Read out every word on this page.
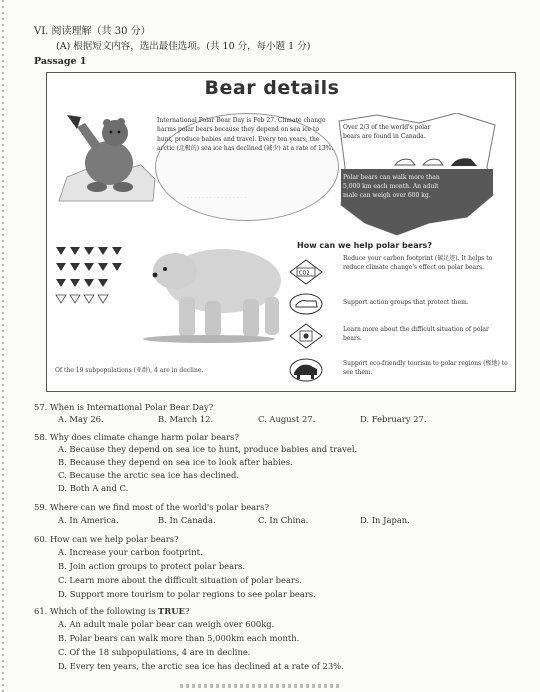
VI. 阅读理解（共 30 分）
(A) 根据短文内容，选出最佳选项。(共 10 分，每小题 1 分)
Passage 1
Bear details
International Polar Bear Day is Feb 27. Climate change harms polar bears because they depend on sea ice to hunt, produce babies and travel. Every ten years, the arctic (北极的) sea ice has declined (减少) at a rate of 13%.
· · · · · · · · · · · · · · · ·
Over 2/3 of the world's polar bears are found in Canada.
Polar bears can walk more than 5,000 km each month. An adult male can weigh over 600 kg.
How can we help polar bears?
CO2
Reduce your carbon footprint (碳足迹). It helps to reduce climate change's effect on polar bears.
Support action groups that protect them.
Learn more about the difficult situation of polar bears.
Support eco-friendly tourism to polar regions (极地) to see them.
Of the 19 subpopulations (亚群), 4 are in decline.
57. When is International Polar Bear Day?
A. May 26.	B. March 12.	C. August 27.	D. February 27.
58. Why does climate change harm polar bears?
A. Because they depend on sea ice to hunt, produce babies and travel.
B. Because they depend on sea ice to look after babies.
C. Because the arctic sea ice has declined.
D. Both A and C.
59. Where can we find most of the world's polar bears?
A. In America.	B. In Canada.	C. In China.	D. In Japan.
60. How can we help polar bears?
A. Increase your carbon footprint.
B. Join action groups to protect polar bears.
C. Learn more about the difficult situation of polar bears.
D. Support more tourism to polar regions to see polar bears.
61. Which of the following is TRUE?
A. An adult male polar bear can weigh over 600kg.
B. Polar bears can walk more than 5,000km each month.
C. Of the 18 subpopulations, 4 are in decline.
D. Every ten years, the arctic sea ice has declined at a rate of 23%.
